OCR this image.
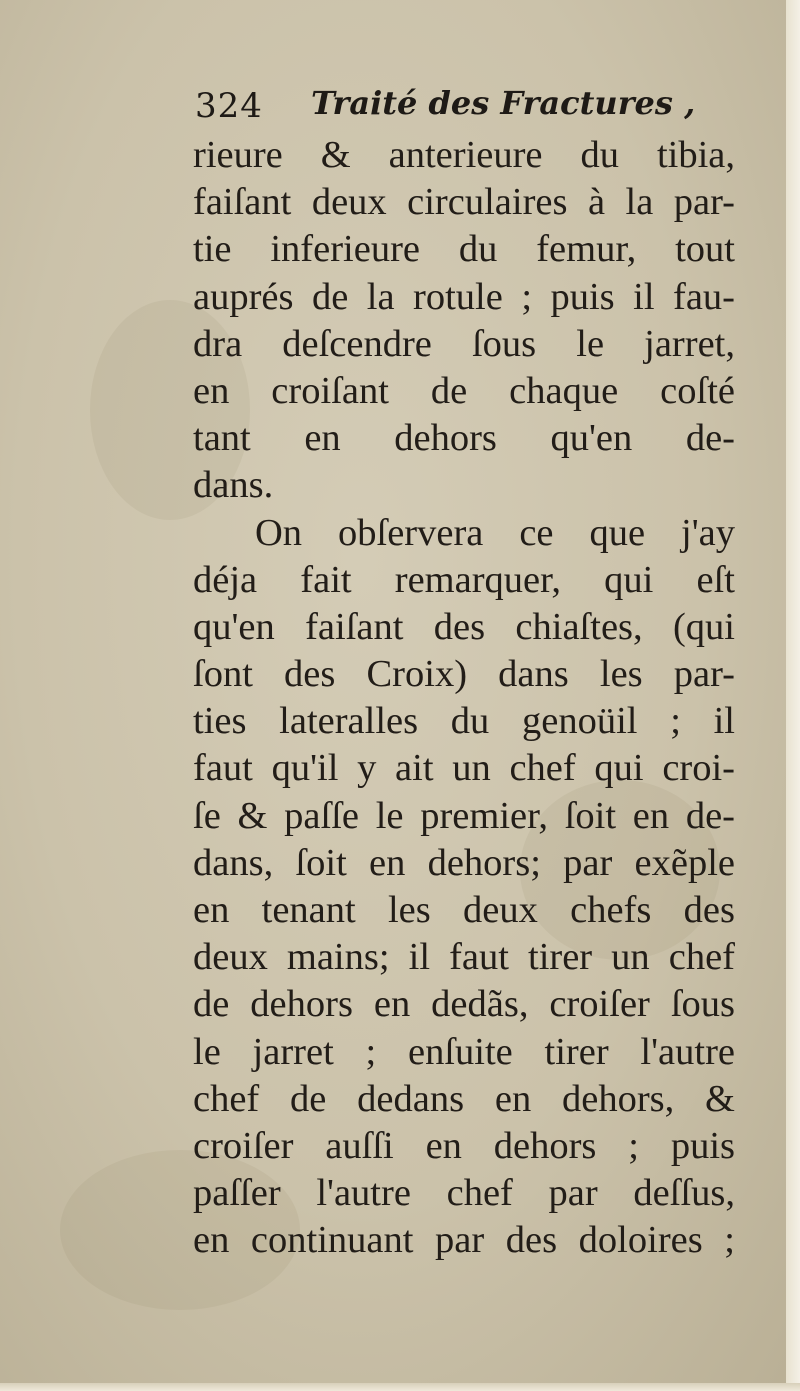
324 Traité des Fractures ,
rieure & anterieure du tibia,
faiſant deux circulaires à la par-
tie inferieure du femur, tout
auprés de la rotule ; puis il fau-
dra deſcendre ſous le jarret,
en croiſant de chaque coſté
tant en dehors qu'en de-
dans.
On obſervera ce que j'ay
déja fait remarquer, qui eſt
qu'en faiſant des chiaſtes, (qui
ſont des Croix) dans les par-
ties lateralles du genoüil ; il
faut qu'il y ait un chef qui croi-
ſe & paſſe le premier, ſoit en de-
dans, ſoit en dehors; par exẽple
en tenant les deux chefs des
deux mains; il faut tirer un chef
de dehors en dedãs, croiſer ſous
le jarret ; enſuite tirer l'autre
chef de dedans en dehors, &
croiſer auſſi en dehors ; puis
paſſer l'autre chef par deſſus,
en continuant par des doloires ;
